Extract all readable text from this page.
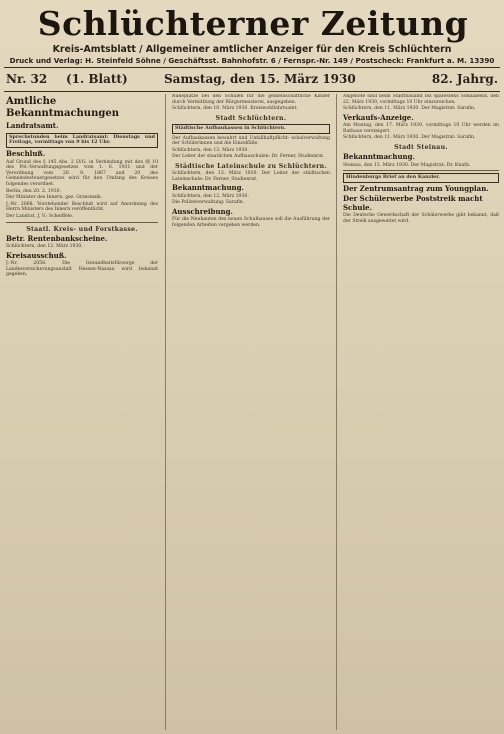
Schlüchterner Zeitung
Kreis-Amtsblatt / Allgemeiner amtlicher Anzeiger für den Kreis Schlüchtern
Druck und Verlag: H. Steinfeld Söhne / Geschäftsst. Bahnhofstr. 6 / Fernspr.-Nr. 149 / Postscheck: Frankfurt a. M. 13390
Nr. 32 (1. Blatt)	Samstag, den 15. März 1930	82. Jahrg.
Amtliche Bekanntmachungen
Landratsamt.
Sprechstunden beim Landratsamt: Dienstags und Freitags, vormittags von 9 bis 12 Uhr.
Beschluß.

Auf Grund des § 145 Abs. 2 LVG. in Verbindung mit den §§ 10 des Pol.-Verwaltungsgesetzes vom 1. 6. 1931 und der Verordnung vom 20. 9. 1867 und 20 des Gemeindesteuergesetzes wird für den Umfang des Kreises folgendes verordnet.

Berlin, den 20. 2. 1930.

Der Minister des Innern. gez. Grzesinski.

J.-Nr. 2068. Vorstehender Beschluß wird auf Anordnung des Herrn Ministers des Innern veröffentlicht.

Der Landrat. J. V.: Scheiffele.

Staatl. Kreis- und Forstkasse.
Betr. Rentenbankscheine.

Schlüchtern, den 12. März 1930.

Kreisausschuß.

J.-Nr. 2058. Die Gesundheitsfürsorge der Landesversicherungsanstalt Hessen-Nassau wird bekannt gegeben.

Ruheplätze bei den Schulen für die gemeinschaftliche Kinder durch Vermittlung der Bürgermeisterei, ausgegeben.

Schlüchtern, den 10. März 1930. Kreiswohlfahrtsamt.

Stadt Schlüchtern.
Städtische Aufbaukassen in Schlüchtern.

Der Aufbaukassen bewahrt und Unfallhaftpflicht- schulverwaltung der Schülerinnen und die Einzelfälle.

Schlüchtern, den 13. März 1930.

Der Leiter der staatlichen Aufbauschulen: Dr. Ferner, Studienrat.

Städtische Lateinschule zu Schlüchtern.

Schlüchtern, den 13. März 1930. Der Leiter der städtischen Lateinschule: Dr. Ferner, Studienrat.

Bekanntmachung.

Schlüchtern, den 12. März 1930.

Die Polizeiverwaltung: Sarafin.

Ausschreibung.

Für die Neubauten des neuen Schulhauses soll die Ausführung der folgenden Arbeiten vergeben werden.

Angebote sind beim Stadtbauamt bis spätestens Sonnabend, den 22. März 1930, vormittags 10 Uhr einzureichen.

Schlüchtern, den 11. März 1930. Der Magistrat: Sarafin.

Verkaufs-Anzeige.

Am Montag, den 17. März 1930, vormittags 10 Uhr werden im Rathaus versteigert.

Schlüchtern, den 11. März 1930. Der Magistrat: Sarafin.

Stadt Steinau.
Bekanntmachung.

Steinau, den 13. März 1930. Der Magistrat: Dr. Knuth.

Hindenburgs Brief an den Kanzler.
Der Zentrumsantrag zum Youngplan.
Der Schülerwerbe Poststreik macht Schule.

Die Deutsche Gewerkschaft der Schülerwerbe gibt bekannt, daß der Streik ausgeweitet wird.
